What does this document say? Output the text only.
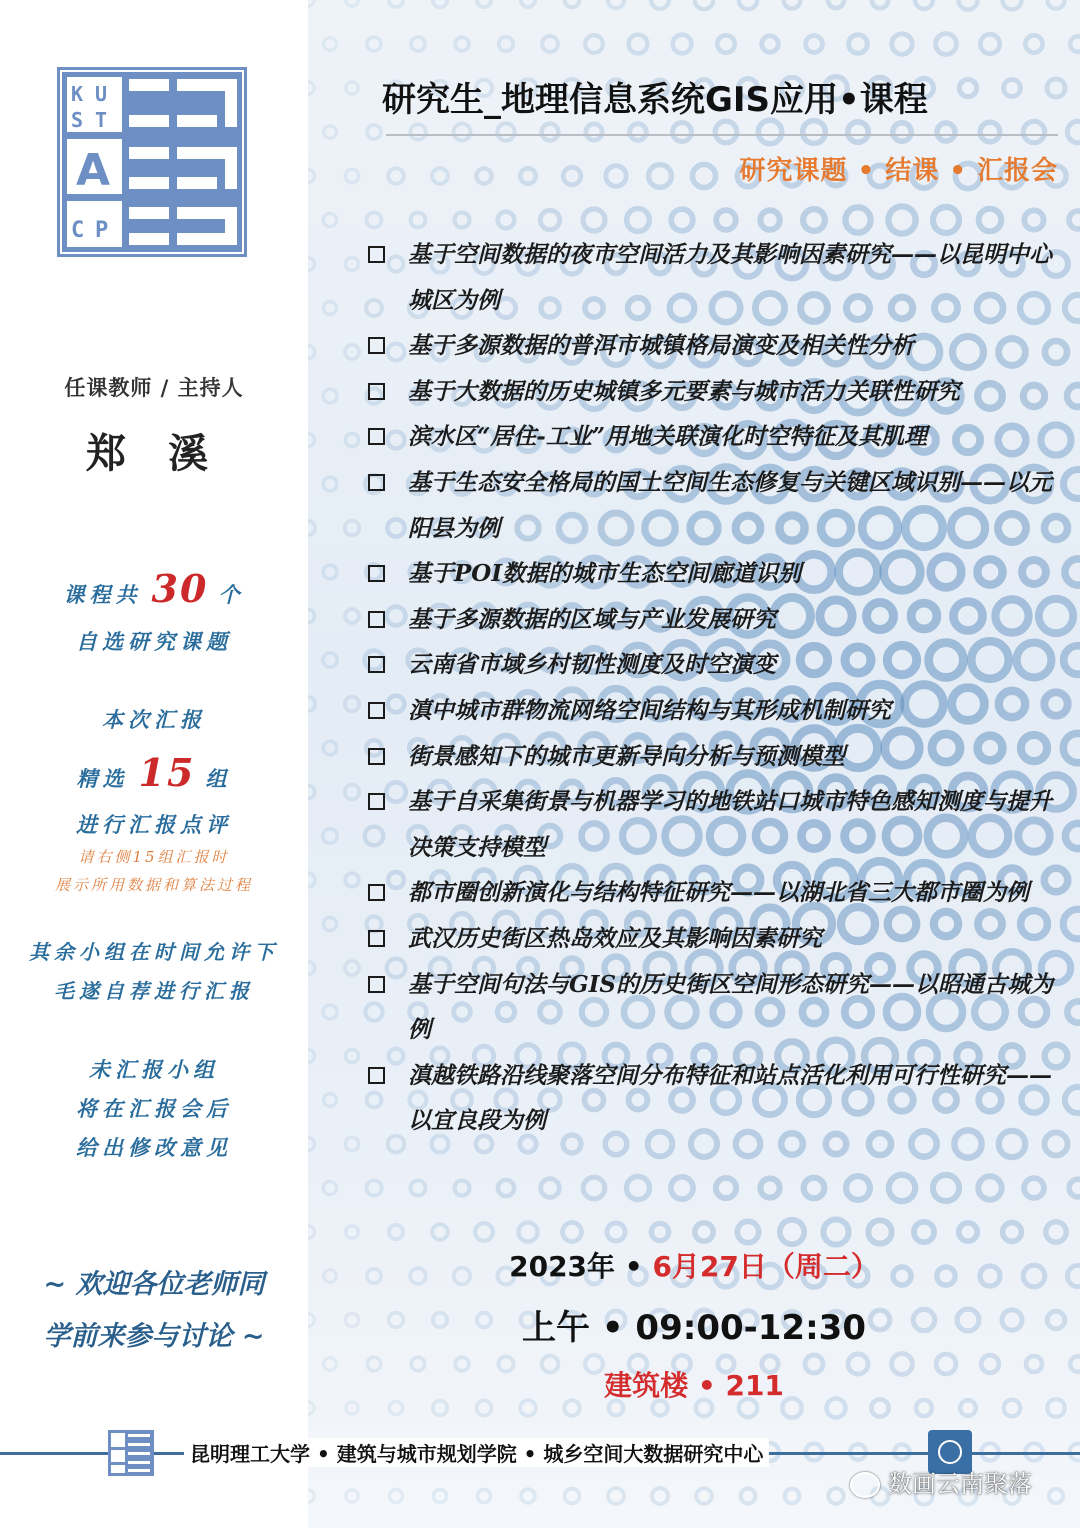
K U
S T
A
C P
任课教师 / 主持人
郑 溪
课程共 30 个
自选研究课题
本次汇报
精选 15 组
进行汇报点评
请右侧15组汇报时
展示所用数据和算法过程
其余小组在时间允许下
毛遂自荐进行汇报
未汇报小组
将在汇报会后
给出修改意见
~ 欢迎各位老师同
学前来参与讨论 ~
研究生_地理信息系统GIS应用•课程
研究课题 • 结课 • 汇报会
基于空间数据的夜市空间活力及其影响因素研究——以昆明中心城区为例
基于多源数据的普洱市城镇格局演变及相关性分析
基于大数据的历史城镇多元要素与城市活力关联性研究
滨水区“居住-工业”用地关联演化时空特征及其肌理
基于生态安全格局的国土空间生态修复与关键区域识别——以元阳县为例
基于POI数据的城市生态空间廊道识别
基于多源数据的区域与产业发展研究
云南省市域乡村韧性测度及时空演变
滇中城市群物流网络空间结构与其形成机制研究
街景感知下的城市更新导向分析与预测模型
基于自采集街景与机器学习的地铁站口城市特色感知测度与提升决策支持模型
都市圈创新演化与结构特征研究——以湖北省三大都市圈为例
武汉历史街区热岛效应及其影响因素研究
基于空间句法与GIS的历史街区空间形态研究——以昭通古城为例
滇越铁路沿线聚落空间分布特征和站点活化利用可行性研究——以宜良段为例
2023年 • 6月27日（周二）
上午 • 09:00-12:30
建筑楼 • 211
昆明理工大学 • 建筑与城市规划学院 • 城乡空间大数据研究中心
数画云南聚落
